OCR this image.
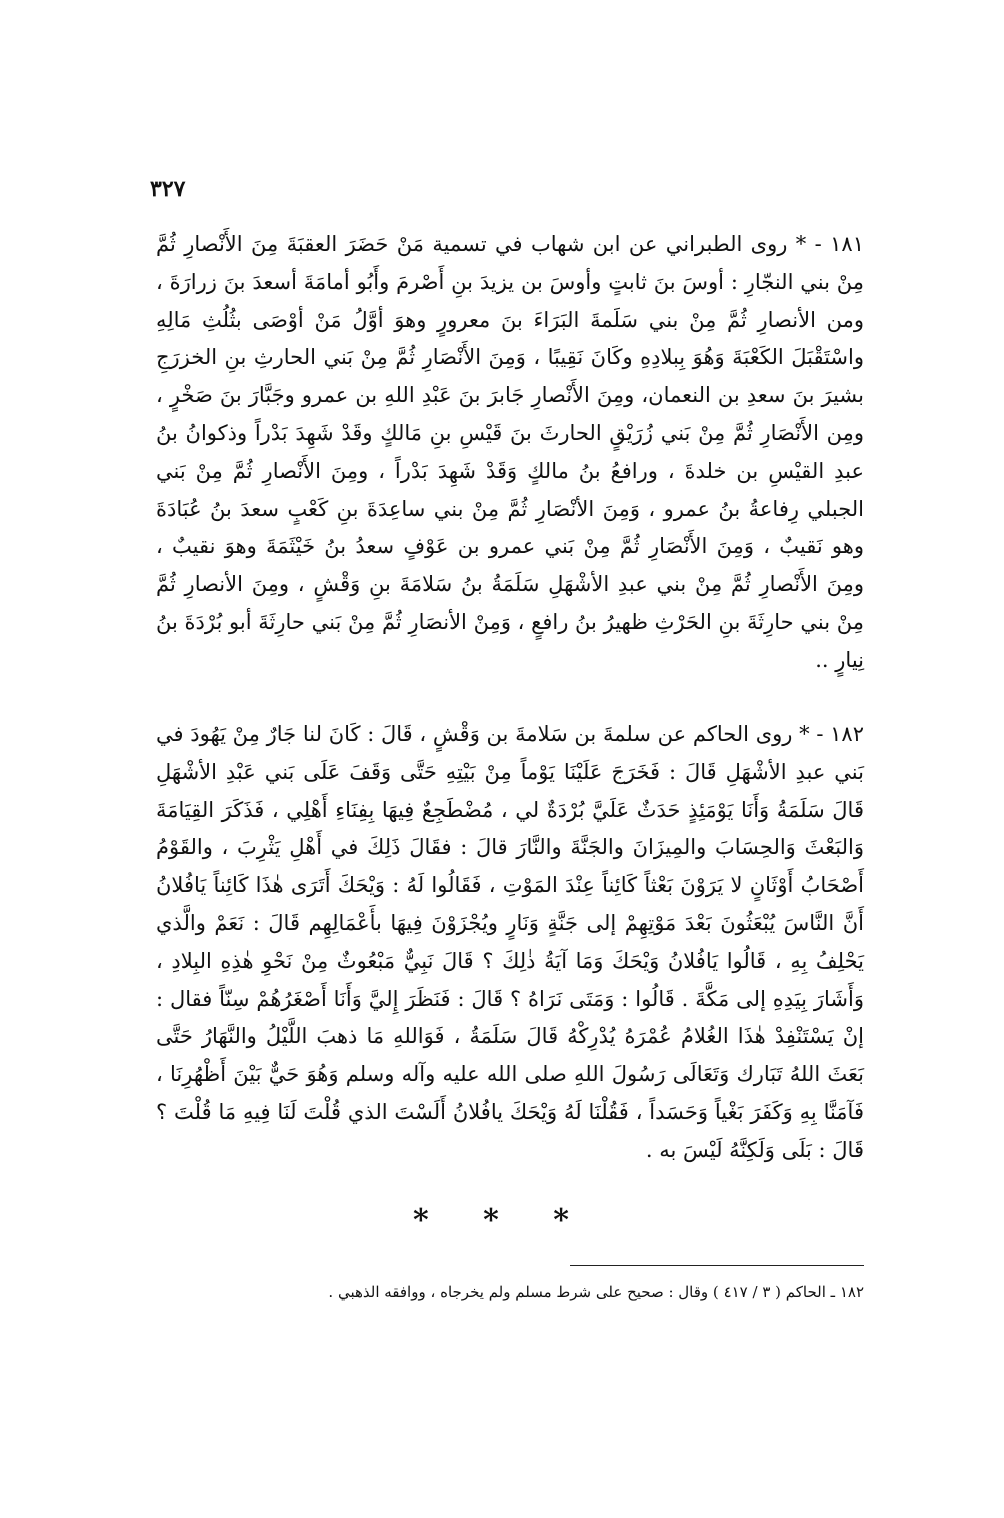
٣٢٧
١٨١ - * روى الطبراني عن ابن شهاب في تسمية مَنْ حَضَرَ العقبَةَ مِنَ الأَنْصارِ ثُمَّ مِنْ بني النجّارِ : أوسَ بنَ ثابتٍ وأوسَ بن يزيدَ بنِ أَصْرمَ وأَبُو أمامَةَ أسعدَ بنَ زرارَةَ ، ومن الأنصارِ ثُمَّ مِنْ بني سَلَمةَ البَرَاءَ بنَ معرورٍ وهوَ أوَّلُ مَنْ أوْصَى بثُلُثِ مَالِهِ واسْتَقْبَلَ الكَعْبَةَ وَهُوَ بِبلادِهِ وكَانَ نَقِيبًا ، وَمِنَ الأَنْصَارِ ثُمَّ مِنْ بَني الحارثِ بنِ الخزرَجِ بشيرَ بنَ سعدِ بن النعمان، ومِنَ الأَنْصارِ جَابرَ بنَ عَبْدِ اللهِ بن عمرو وجَبَّارَ بنَ صَخْرٍ ، ومِن الأَنْصَارِ ثُمَّ مِنْ بَني زُرَيْقٍ الحارثَ بنَ قَيْسِ بنِ مَالكٍ وقَدْ شَهِدَ بَدْراً وذكوانُ بنُ عبدِ القيْسِ بن خلدةَ ، ورافعُ بنُ مالكٍ وَقَدْ شَهِدَ بَدْراً ، ومِنَ الأَنْصارِ ثُمَّ مِنْ بَني الجبلي رِفاعةُ بنُ عمرو ، وَمِنَ الأنْصَارِ ثُمَّ مِنْ بني ساعِدَةَ بنِ كَعْبٍ سعدَ بنُ عُبَادَةَ وهو نَقيبٌ ، وَمِنَ الأَنْصَارِ ثُمَّ مِنْ بَني عمرو بن عَوْفٍ سعدُ بنُ خَيْثَمَةَ وهوَ نقيبٌ ، ومِنَ الأَنْصارِ ثُمَّ مِنْ بني عبدِ الأشْهَلِ سَلَمَةُ بنُ سَلامَةَ بنِ وَقْشٍ ، ومِنَ الأنصارِ ثُمَّ مِنْ بني حارِثَةَ بنِ الحَرْثِ ظهيرُ بنُ رافعٍ ، وَمِنْ الأنصَارِ ثُمَّ مِنْ بَني حارِثَةَ أبو بُرْدَةَ بنُ نِيارٍ ..
١٨٢ - * روى الحاكم عن سلمةَ بن سَلامةَ بن وَقْشٍ ، قَالَ : كَانَ لنا جَارٌ مِنْ يَهُودَ في بَني عبدِ الأشْهَلِ قَالَ : فَخَرَجَ عَلَيْنَا يَوْماً مِنْ بَيْتِهِ حَتَّى وَقَفَ عَلَى بَني عَبْدِ الأشْهَلِ قَالَ سَلَمَةُ وَأَنَا يَوْمَئِذٍ حَدَثٌ عَلَيَّ بُرْدَةٌ لي ، مُضْطَجِعٌ فِيهَا بِفِنَاءِ أَهْلِي ، فَذَكَرَ القِيَامَةَ وَالبَعْثَ وَالحِسَابَ والمِيزَانَ والجَنَّةَ والنَّارَ قالَ : فقَالَ ذَلِكَ في أَهْلِ يَثْرِبَ ، والقَوْمُ أَصْحَابُ أَوْثَانٍ لا يَرَوْنَ بَعْثاً كَائِناً عِنْدَ المَوْتِ ، فَقَالُوا لَهُ : وَيْحَكَ أَتَرَى هٰذَا كَائِناً يَافُلانُ أَنَّ النَّاسَ يُبْعَثُونَ بَعْدَ مَوْتِهِمْ إلى جَنَّةٍ وَنَارٍ ويُجْزَوْنَ فِيهَا بأَعْمَالِهِم قَالَ : نَعَمْ والَّذي يَحْلِفُ بِهِ ، قَالُوا يَافُلانُ وَيْحَكَ وَمَا آيَةُ ذٰلِكَ ؟ قَالَ نَبِيٌّ مَبْعُوثٌ مِنْ نَحْوِ هٰذِهِ البِلادِ ، وَأَشَارَ بِيَدِهِ إلى مَكَّةَ . قَالُوا : وَمَتَى نَرَاهُ ؟ قَالَ : فَنَظَرَ إِليَّ وَأَنَا أَصْغَرُهُمْ سِنّاً فقال : إنْ يَسْتَنْفِدْ هٰذَا الغُلامُ عُمْرَهُ يُدْرِكْهُ قَالَ سَلَمَةُ ، فَوَاللهِ مَا ذهبَ اللَّيْلُ والنَّهَارُ حَتَّى بَعَثَ اللهُ تَبَارك وَتَعَالَى رَسُولَ اللهِ صلى الله عليه وآله وسلم وَهُوَ حَيٌّ بَيْنَ أَظْهُرِنَا ، فَآمَنَّا بِهِ وَكَفَرَ بَغْياً وَحَسَداً ، فَقُلْنَا لَهُ وَيْحَكَ يافُلانُ أَلَسْتَ الذي قُلْتَ لَنَا فِيهِ مَا قُلْتَ ؟ قَالَ : بَلَى وَلَكِنَّهُ لَيْسَ به .
* * *
١٨٢ ـ الحاكم ( ٣ / ٤١٧ ) وقال : صحيح على شرط مسلم ولم يخرجاه ، ووافقه الذهبي .
